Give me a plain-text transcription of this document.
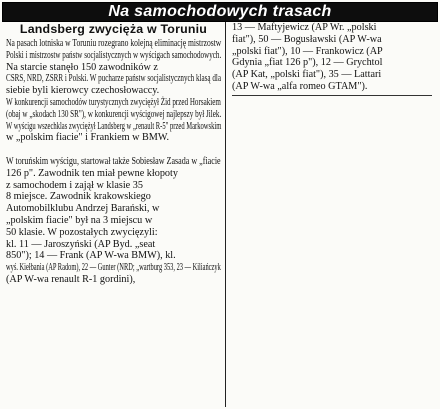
Na samochodowych trasach
Landsberg zwycięża w Toruniu
Na pasach lotniska w Toruniu rozegrano kolejną eliminację mistrzostw
Polski i mistrzostw państw socjalistycznych w wyścigach samochodowych.
Na starcie stanęło 150 zawodników z
CSRS, NRD, ZSRR i Polski. W pucharze państw socjalistycznych klasą dla
siebie byli kierowcy czechosłowaccy.
W konkurencji samochodów turystycznych zwyciężył Żid przed Horsakiem
(obaj w „skodach 130 SR"), w konkurencji wyścigowej najlepszy był Jilek.
W wyścigu wszechklas zwyciężył Landsberg w „renault R-5" przed Markowskim
w „polskim fiacie" i Frankiem w BMW.
W toruńskim wyścigu, startował także Sobiesław Zasada w „fiacie
126 p". Zawodnik ten miał pewne kłopoty
z samochodem i zajął w klasie 35
8 miejsce. Zawodnik krakowskiego
Automobilklubu Andrzej Barański, w
„polskim fiacie" był na 3 miejscu w
50 klasie. W pozostałych zwycięzyli:
kl. 11 — Jaroszyński (AP Byd. „seat
850"); 14 — Frank (AP W-wa BMW), kl.
wyś. Kiełbania (AP Radom), 22 — Gunter (NRD; „wartburg 353, 23 — Kiliańczyk
(AP W-wa renault R-1 gordini),
13 — Maftyjewicz (AP Wr. „polski
fiat"), 50 — Bogusławski (AP W-wa
„polski fiat"), 10 — Frankowicz (AP
Gdynia „fiat 126 p"), 12 — Grychtol
(AP Kat, „polski fiat"), 35 — Lattari
(AP W-wa „alfa romeo GTAM").
